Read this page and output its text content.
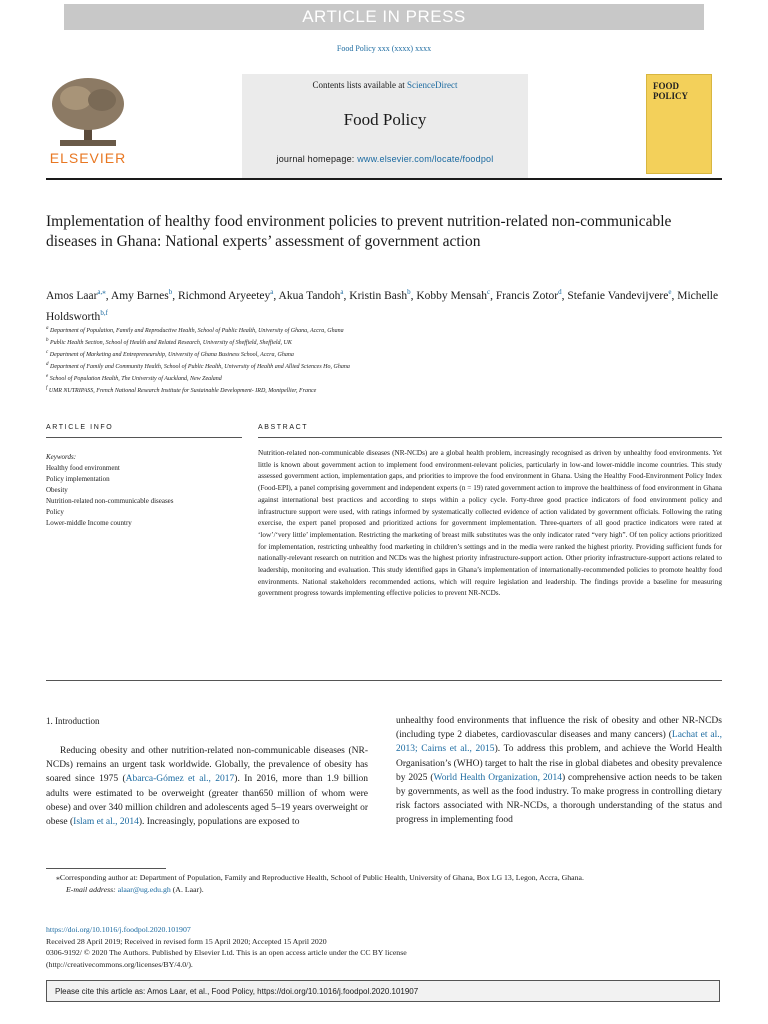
ARTICLE IN PRESS
Food Policy xxx (xxxx) xxxx
ELSEVIER
Contents lists available at ScienceDirect
Food Policy
journal homepage: www.elsevier.com/locate/foodpol
FOOD
POLICY
Implementation of healthy food environment policies to prevent nutrition-related non-communicable diseases in Ghana: National experts’ assessment of government action
Amos Laar$^{a,⁎}$, Amy Barnes$^b$, Richmond Aryeetey$^a$, Akua Tandoh$^a$, Kristin Bash$^b$, Kobby Mensah$^c$, Francis Zotor$^d$, Stefanie Vandevijvere$^e$, Michelle Holdsworth$^{b,f}$
$^a$ Department of Population, Family and Reproductive Health, School of Public Health, University of Ghana, Accra, Ghana
$^b$ Public Health Section, School of Health and Related Research, University of Sheffield, Sheffield, UK
$^c$ Department of Marketing and Entrepreneurship, University of Ghana Business School, Accra, Ghana
$^d$ Department of Family and Community Health, School of Public Health, University of Health and Allied Sciences Ho, Ghana
$^e$ School of Population Health, The University of Auckland, New Zealand
$^f$ UMR NUTRIPASS, French National Research Institute for Sustainable Development- IRD, Montpellier, France
ARTICLE INFO	ABSTRACT
Keywords:
Healthy food environment
Policy implementation
Obesity
Nutrition-related non-communicable diseases
Policy
Lower-middle Income country
Nutrition-related non-communicable diseases (NR-NCDs) are a global health problem, increasingly recognised as driven by unhealthy food environments. Yet little is known about government action to implement food environment-relevant policies, particularly in low-and lower-middle income countries. This study assessed government action, implementation gaps, and priorities to improve the food environment in Ghana. Using the Healthy Food-Environment Policy Index (Food-EPI), a panel comprising government and independent experts (n = 19) rated government action to improve the healthiness of food environment in Ghana against international best practices and according to steps within a policy cycle. Forty-three good practice indicators of food environment policy and infrastructure support were used, with ratings informed by systematically collected evidence of action validated by government officials. Following the rating exercise, the expert panel proposed and prioritized actions for government implementation. Three-quarters of all good practice indicators were rated at ‘low’/‘very little’ implementation. Restricting the marketing of breast milk substitutes was the only indicator rated “very high”. Of ten policy actions prioritized for implementation, restricting unhealthy food marketing in children’s settings and in the media were ranked the highest priority. Providing sufficient funds for nationally-relevant research on nutrition and NCDs was the highest priority infrastructure-support action. Other priority infrastructure-support actions related to leadership, monitoring and evaluation. This study identified gaps in Ghana’s implementation of internationally-recommended policies to promote healthy food environments. National stakeholders recommended actions, which will require legislation and leadership. The findings provide a baseline for measuring government progress towards implementing effective policies to prevent NR-NCDs.
1. Introduction
Reducing obesity and other nutrition-related non-communicable diseases (NR-NCDs) remains an urgent task worldwide. Globally, the prevalence of obesity has soared since 1975 (Abarca-Gómez et al., 2017). In 2016, more than 1.9 billion adults were estimated to be overweight (greater than650 million of whom were obese) and over 340 million children and adolescents aged 5–19 years overweight or obese (Islam et al., 2014). Increasingly, populations are exposed to
unhealthy food environments that influence the risk of obesity and other NR-NCDs (including type 2 diabetes, cardiovascular diseases and many cancers) (Lachat et al., 2013; Cairns et al., 2015). To address this problem, and achieve the World Health Organisation’s (WHO) target to halt the rise in global diabetes and obesity prevalence by 2025 (World Health Organization, 2014) comprehensive action needs to be taken by governments, as well as the food industry. To make progress in controlling dietary risk factors associated with NR-NCDs, a thorough understanding of the status and progress in implementing food
⁎Corresponding author at: Department of Population, Family and Reproductive Health, School of Public Health, University of Ghana, Box LG 13, Legon, Accra, Ghana.
E-mail address: alaar@ug.edu.gh (A. Laar).
https://doi.org/10.1016/j.foodpol.2020.101907
Received 28 April 2019; Received in revised form 15 April 2020; Accepted 15 April 2020
0306-9192/ © 2020 The Authors. Published by Elsevier Ltd. This is an open access article under the CC BY license
(http://creativecommons.org/licenses/BY/4.0/).
Please cite this article as: Amos Laar, et al., Food Policy, https://doi.org/10.1016/j.foodpol.2020.101907
